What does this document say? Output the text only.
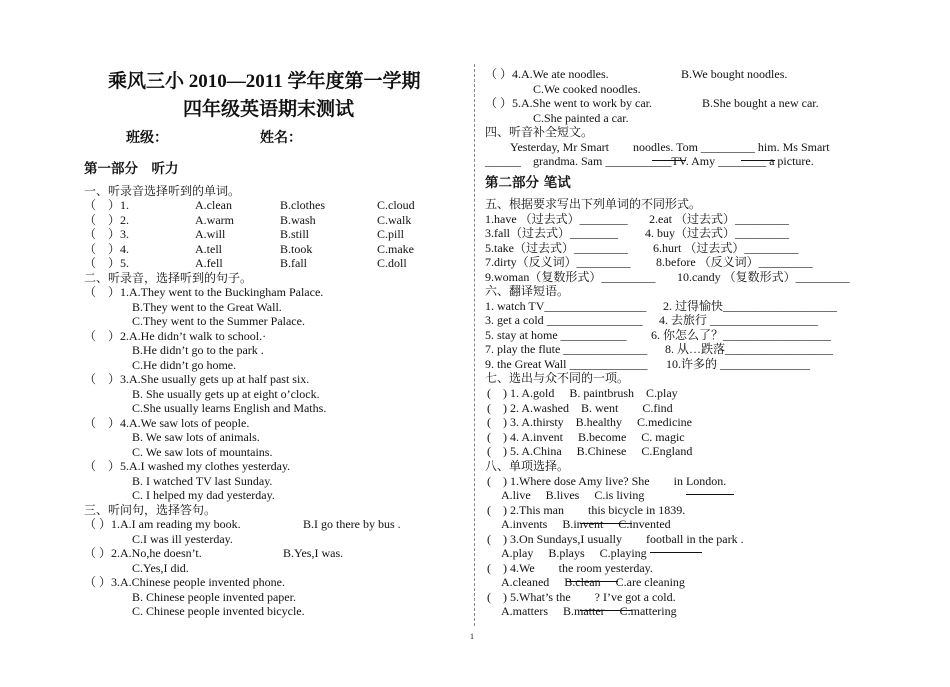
乘风三小 2010—2011 学年度第一学期
四年级英语期末测试
班级：	姓名：
第一部分　听力
一、听录音选择听到的单词。
（　）1.	A.clean	B.clothes	C.cloud
（　）2.	A.warm	B.wash	C.walk
（　）3.	A.will	B.still	C.pill
（　）4.	A.tell	B.took	C.make
（　）5.	A.fell	B.fall	C.doll
二、听录音，选择听到的句子。
（　）1.A.They went to the Buckingham Palace.
B.They went to the Great Wall.
C.They went to the Summer Palace.
（　）2.A.He didn’t walk to school.·
B.He didn’t go to the park .
C.He didn’t go home.
（　）3.A.She usually gets up at half past six.
B. She usually gets up at eight o’clock.
C.She usually learns English and Maths.
（　）4.A.We saw lots of people.
B. We saw lots of animals.
C. We saw lots of mountains.
（　）5.A.I washed my clothes yesterday.
B. I watched TV last Sunday.
C. I helped my dad yesterday.
三、听问句，选择答句。
（ ）1.A.I am reading my book.	B.I go there by bus .
C.I was ill yesterday.
（ ）2.A.No,he doesn’t.	B.Yes,I was.
C.Yes,I did.
（ ）3.A.Chinese people invented phone.
B. Chinese people invented paper.
C. Chinese people invented bicycle.
（ ）4.A.We ate noodles.	B.We bought noodles.
C.We cooked noodles.
（ ）5.A.She went to work by car.	B.She bought a new car.
C.She painted a car.
四、听音补全短文。
Yesterday, Mr Smart　　noodles. Tom _________ him. Ms Smart
______　grandma. Sam ___________TV. Amy ________ a picture.
第二部分 笔试
五、根据要求写出下列单词的不同形式。
1.have （过去式）________ 2.eat （过去式）_________
3.fall（过去式）________ 4. buy（过去式）_________
5.take（过去式）_________ 6.hurt （过去式）_________
7.dirty（反义词）_________ 8.before （反义词）_________
9.woman（复数形式）_________ 10.candy （复数形式）_________
六、翻译短语。
1. watch TV_________________ 2. 过得愉快___________________
3. get a cold ________________ 4. 去旅行 __________________
5. stay at home ___________ 6. 你怎么了？__________________
7. play the flute ______________ 8. 从…跌落__________________
9. the Great Wall _____________ 10.许多的 _______________
七、选出与众不同的一项。
(　) 1. A.gold　 B. paintbrush　C.play
(　) 2. A.washed　B. went　　C.find
(　) 3. A.thirsty　B.healthy　 C.medicine
(　) 4. A.invent　 B.become　 C. magic
(　) 5. A.China　 B.Chinese　 C.England
八、单项选择。
(　) 1.Where dose Amy live? She　　in London.
A.live　 B.lives　 C.is living
(　) 2.This man　　this bicycle in 1839.
A.invents　 B.invent　 C.invented
(　) 3.On Sundays,I usually　　football in the park .
A.play　 B.plays　 C.playing
(　) 4.We　　the room yesterday.
A.cleaned　 B.clean　 C.are cleaning
(　) 5.What’s the　　? I’ve got a cold.
A.matters　 B.matter　 C.mattering
1
